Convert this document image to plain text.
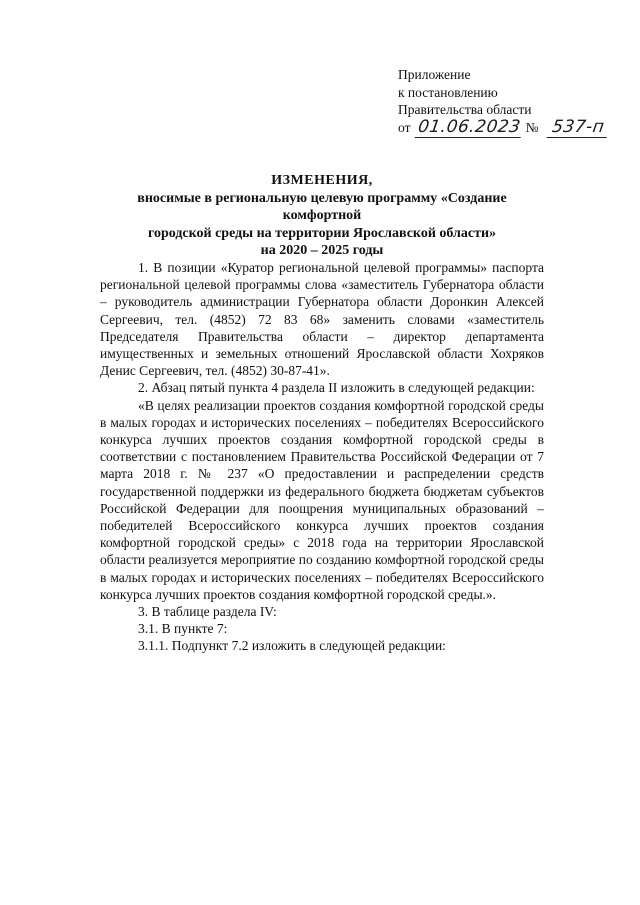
Приложение
к постановлению
Правительства области
от 01.06.2023 № 537-п
ИЗМЕНЕНИЯ,
вносимые в региональную целевую программу «Создание комфортной
городской среды на территории Ярославской области»
на 2020 – 2025 годы

1. В позиции «Куратор региональной целевой программы» паспорта региональной целевой программы слова «заместитель Губернатора области – руководитель администрации Губернатора области Доронкин Алексей Сергеевич, тел. (4852) 72 83 68» заменить словами «заместитель Председателя Правительства области – директор департамента имущественных и земельных отношений Ярославской области Хохряков Денис Сергеевич, тел. (4852) 30-87-41».

2. Абзац пятый пункта 4 раздела II изложить в следующей редакции:

«В целях реализации проектов создания комфортной городской среды в малых городах и исторических поселениях – победителях Всероссийского конкурса лучших проектов создания комфортной городской среды в соответствии с постановлением Правительства Российской Федерации от 7 марта 2018 г. № 237 «О предоставлении и распределении средств государственной поддержки из федерального бюджета бюджетам субъектов Российской Федерации для поощрения муниципальных образований – победителей Всероссийского конкурса лучших проектов создания комфортной городской среды» с 2018 года на территории Ярославской области реализуется мероприятие по созданию комфортной городской среды в малых городах и исторических поселениях – победителях Всероссийского конкурса лучших проектов создания комфортной городской среды.».

3. В таблице раздела IV:

3.1. В пункте 7:

3.1.1. Подпункт 7.2 изложить в следующей редакции:
